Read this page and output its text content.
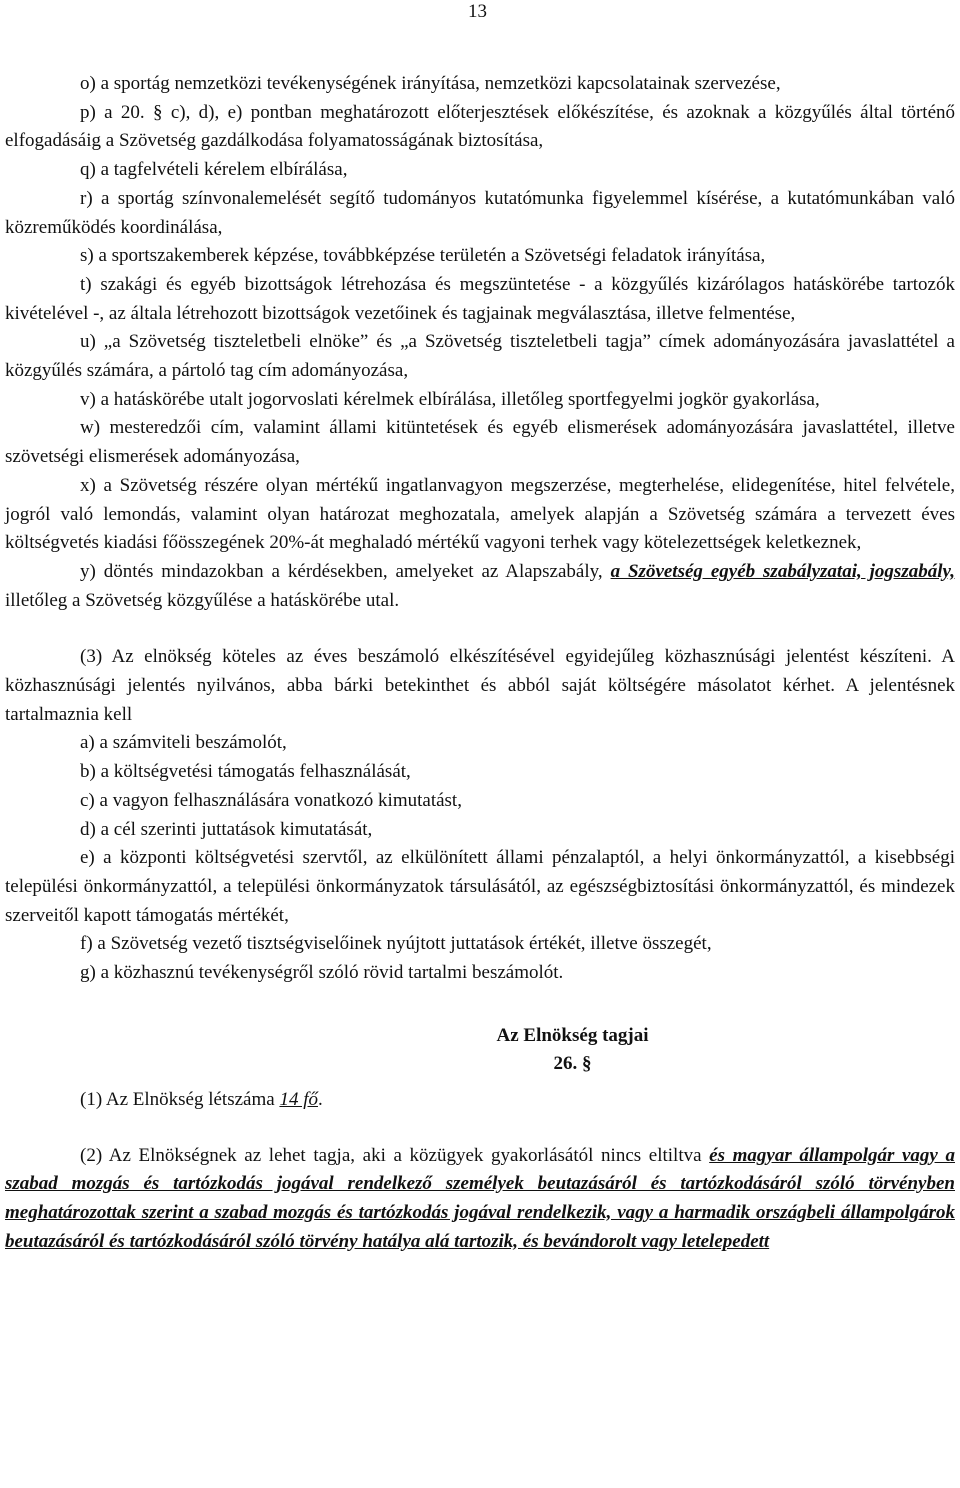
13

o) a sportág nemzetközi tevékenységének irányítása, nemzetközi kapcsolatainak szervezése,

p) a 20. § c), d), e) pontban meghatározott előterjesztések előkészítése, és azoknak a közgyűlés által történő elfogadásáig a Szövetség gazdálkodása folyamatosságának biztosítása,

q) a tagfelvételi kérelem elbírálása,

r) a sportág színvonalemelését segítő tudományos kutatómunka figyelemmel kísérése, a kutatómunkában való közreműködés koordinálása,

s) a sportszakemberek képzése, továbbképzése területén a Szövetségi feladatok irányítása,

t) szakági és egyéb bizottságok létrehozása és megszüntetése - a közgyűlés kizárólagos hatáskörébe tartozók kivételével -, az általa létrehozott bizottságok vezetőinek és tagjainak megválasztása, illetve felmentése,

u) „a Szövetség tiszteletbeli elnöke” és „a Szövetség tiszteletbeli tagja” címek adományozására javaslattétel a közgyűlés számára, a pártoló tag cím adományozása,

v) a hatáskörébe utalt jogorvoslati kérelmek elbírálása, illetőleg sportfegyelmi jogkör gyakorlása,

w) mesteredzői cím, valamint állami kitüntetések és egyéb elismerések adományozására javaslattétel, illetve szövetségi elismerések adományozása,

x) a Szövetség részére olyan mértékű ingatlanvagyon megszerzése, megterhelése, elidegenítése, hitel felvétele, jogról való lemondás, valamint olyan határozat meghozatala, amelyek alapján a Szövetség számára a tervezett éves költségvetés kiadási főösszegének 20%-át meghaladó mértékű vagyoni terhek vagy kötelezettségek keletkeznek,

y) döntés mindazokban a kérdésekben, amelyeket az Alapszabály, a Szövetség egyéb szabályzatai, jogszabály, illetőleg a Szövetség közgyűlése a hatáskörébe utal.

(3) Az elnökség köteles az éves beszámoló elkészítésével egyidejűleg közhasznúsági jelentést készíteni. A közhasznúsági jelentés nyilvános, abba bárki betekinthet és abból saját költségére másolatot kérhet. A jelentésnek tartalmaznia kell

a) a számviteli beszámolót,

b) a költségvetési támogatás felhasználását,

c) a vagyon felhasználására vonatkozó kimutatást,

d) a cél szerinti juttatások kimutatását,

e) a központi költségvetési szervtől, az elkülönített állami pénzalaptól, a helyi önkormányzattól, a kisebbségi települési önkormányzattól, a települési önkormányzatok társulásától, az egészségbiztosítási önkormányzattól, és mindezek szerveitől kapott támogatás mértékét,

f) a Szövetség vezető tisztségviselőinek nyújtott juttatások értékét, illetve összegét,

g) a közhasznú tevékenységről szóló rövid tartalmi beszámolót.

Az Elnökség tagjai

26. §

(1) Az Elnökség létszáma 14 fő.

(2) Az Elnökségnek az lehet tagja, aki a közügyek gyakorlásától nincs eltiltva és magyar állampolgár vagy a szabad mozgás és tartózkodás jogával rendelkező személyek beutazásáról és tartózkodásáról szóló törvényben meghatározottak szerint a szabad mozgás és tartózkodás jogával rendelkezik, vagy a harmadik országbeli állampolgárok beutazásáról és tartózkodásáról szóló törvény hatálya alá tartozik, és bevándorolt vagy letelepedett
